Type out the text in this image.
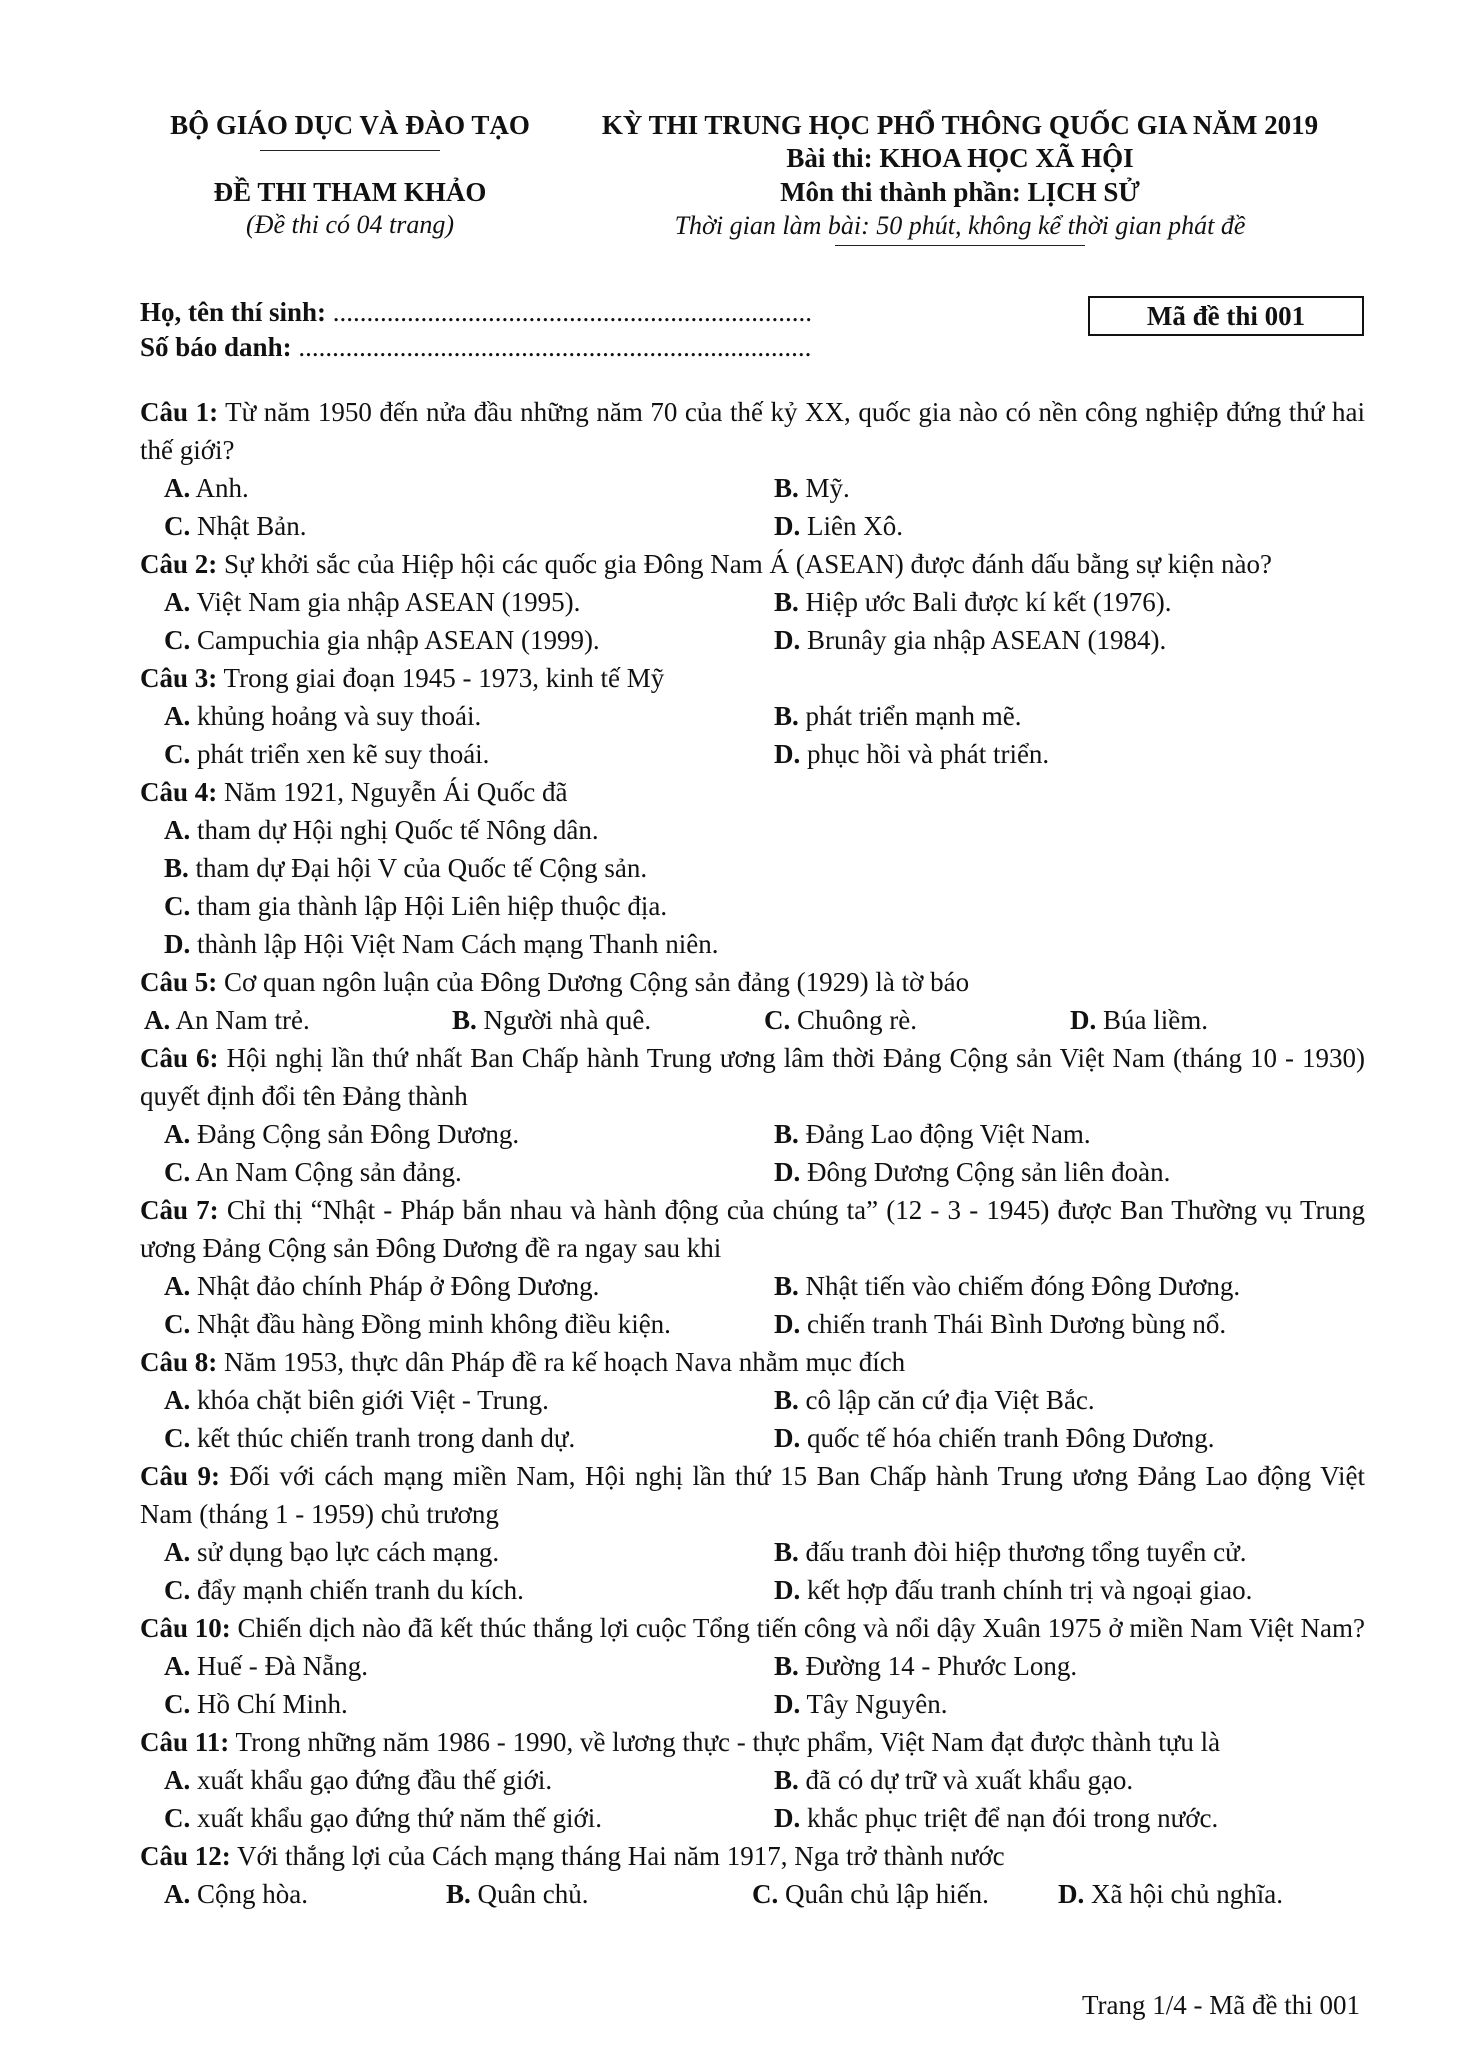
BỘ GIÁO DỤC VÀ ĐÀO TẠO
ĐỀ THI THAM KHẢO
(Đề thi có 04 trang)
KỲ THI TRUNG HỌC PHỔ THÔNG QUỐC GIA NĂM 2019
Bài thi: KHOA HỌC XÃ HỘI
Môn thi thành phần: LỊCH SỬ
Thời gian làm bài: 50 phút, không kể thời gian phát đề
Họ, tên thí sinh: .......................................................................
Số báo danh: ............................................................................
Mã đề thi 001
Câu 1: Từ năm 1950 đến nửa đầu những năm 70 của thế kỷ XX, quốc gia nào có nền công nghiệp đứng thứ hai thế giới?
A. Anh.	B. Mỹ.
C. Nhật Bản.	D. Liên Xô.
Câu 2: Sự khởi sắc của Hiệp hội các quốc gia Đông Nam Á (ASEAN) được đánh dấu bằng sự kiện nào?
A. Việt Nam gia nhập ASEAN (1995).	B. Hiệp ước Bali được kí kết (1976).
C. Campuchia gia nhập ASEAN (1999).	D. Brunây gia nhập ASEAN (1984).
Câu 3: Trong giai đoạn 1945 - 1973, kinh tế Mỹ
A. khủng hoảng và suy thoái.	B. phát triển mạnh mẽ.
C. phát triển xen kẽ suy thoái.	D. phục hồi và phát triển.
Câu 4: Năm 1921, Nguyễn Ái Quốc đã
A. tham dự Hội nghị Quốc tế Nông dân.
B. tham dự Đại hội V của Quốc tế Cộng sản.
C. tham gia thành lập Hội Liên hiệp thuộc địa.
D. thành lập Hội Việt Nam Cách mạng Thanh niên.
Câu 5: Cơ quan ngôn luận của Đông Dương Cộng sản đảng (1929) là tờ báo
A. An Nam trẻ.	B. Người nhà quê.	C. Chuông rè.	D. Búa liềm.
Câu 6: Hội nghị lần thứ nhất Ban Chấp hành Trung ương lâm thời Đảng Cộng sản Việt Nam (tháng 10 - 1930) quyết định đổi tên Đảng thành
A. Đảng Cộng sản Đông Dương.	B. Đảng Lao động Việt Nam.
C. An Nam Cộng sản đảng.	D. Đông Dương Cộng sản liên đoàn.
Câu 7: Chỉ thị “Nhật - Pháp bắn nhau và hành động của chúng ta” (12 - 3 - 1945) được Ban Thường vụ Trung ương Đảng Cộng sản Đông Dương đề ra ngay sau khi
A. Nhật đảo chính Pháp ở Đông Dương.	B. Nhật tiến vào chiếm đóng Đông Dương.
C. Nhật đầu hàng Đồng minh không điều kiện.	D. chiến tranh Thái Bình Dương bùng nổ.
Câu 8: Năm 1953, thực dân Pháp đề ra kế hoạch Nava nhằm mục đích
A. khóa chặt biên giới Việt - Trung.	B. cô lập căn cứ địa Việt Bắc.
C. kết thúc chiến tranh trong danh dự.	D. quốc tế hóa chiến tranh Đông Dương.
Câu 9: Đối với cách mạng miền Nam, Hội nghị lần thứ 15 Ban Chấp hành Trung ương Đảng Lao động Việt Nam (tháng 1 - 1959) chủ trương
A. sử dụng bạo lực cách mạng.	B. đấu tranh đòi hiệp thương tổng tuyển cử.
C. đẩy mạnh chiến tranh du kích.	D. kết hợp đấu tranh chính trị và ngoại giao.
Câu 10: Chiến dịch nào đã kết thúc thắng lợi cuộc Tổng tiến công và nổi dậy Xuân 1975 ở miền Nam Việt Nam?
A. Huế - Đà Nẵng.	B. Đường 14 - Phước Long.
C. Hồ Chí Minh.	D. Tây Nguyên.
Câu 11: Trong những năm 1986 - 1990, về lương thực - thực phẩm, Việt Nam đạt được thành tựu là
A. xuất khẩu gạo đứng đầu thế giới.	B. đã có dự trữ và xuất khẩu gạo.
C. xuất khẩu gạo đứng thứ năm thế giới.	D. khắc phục triệt để nạn đói trong nước.
Câu 12: Với thắng lợi của Cách mạng tháng Hai năm 1917, Nga trở thành nước
A. Cộng hòa.	B. Quân chủ.	C. Quân chủ lập hiến.	D. Xã hội chủ nghĩa.
Trang 1/4 - Mã đề thi 001
